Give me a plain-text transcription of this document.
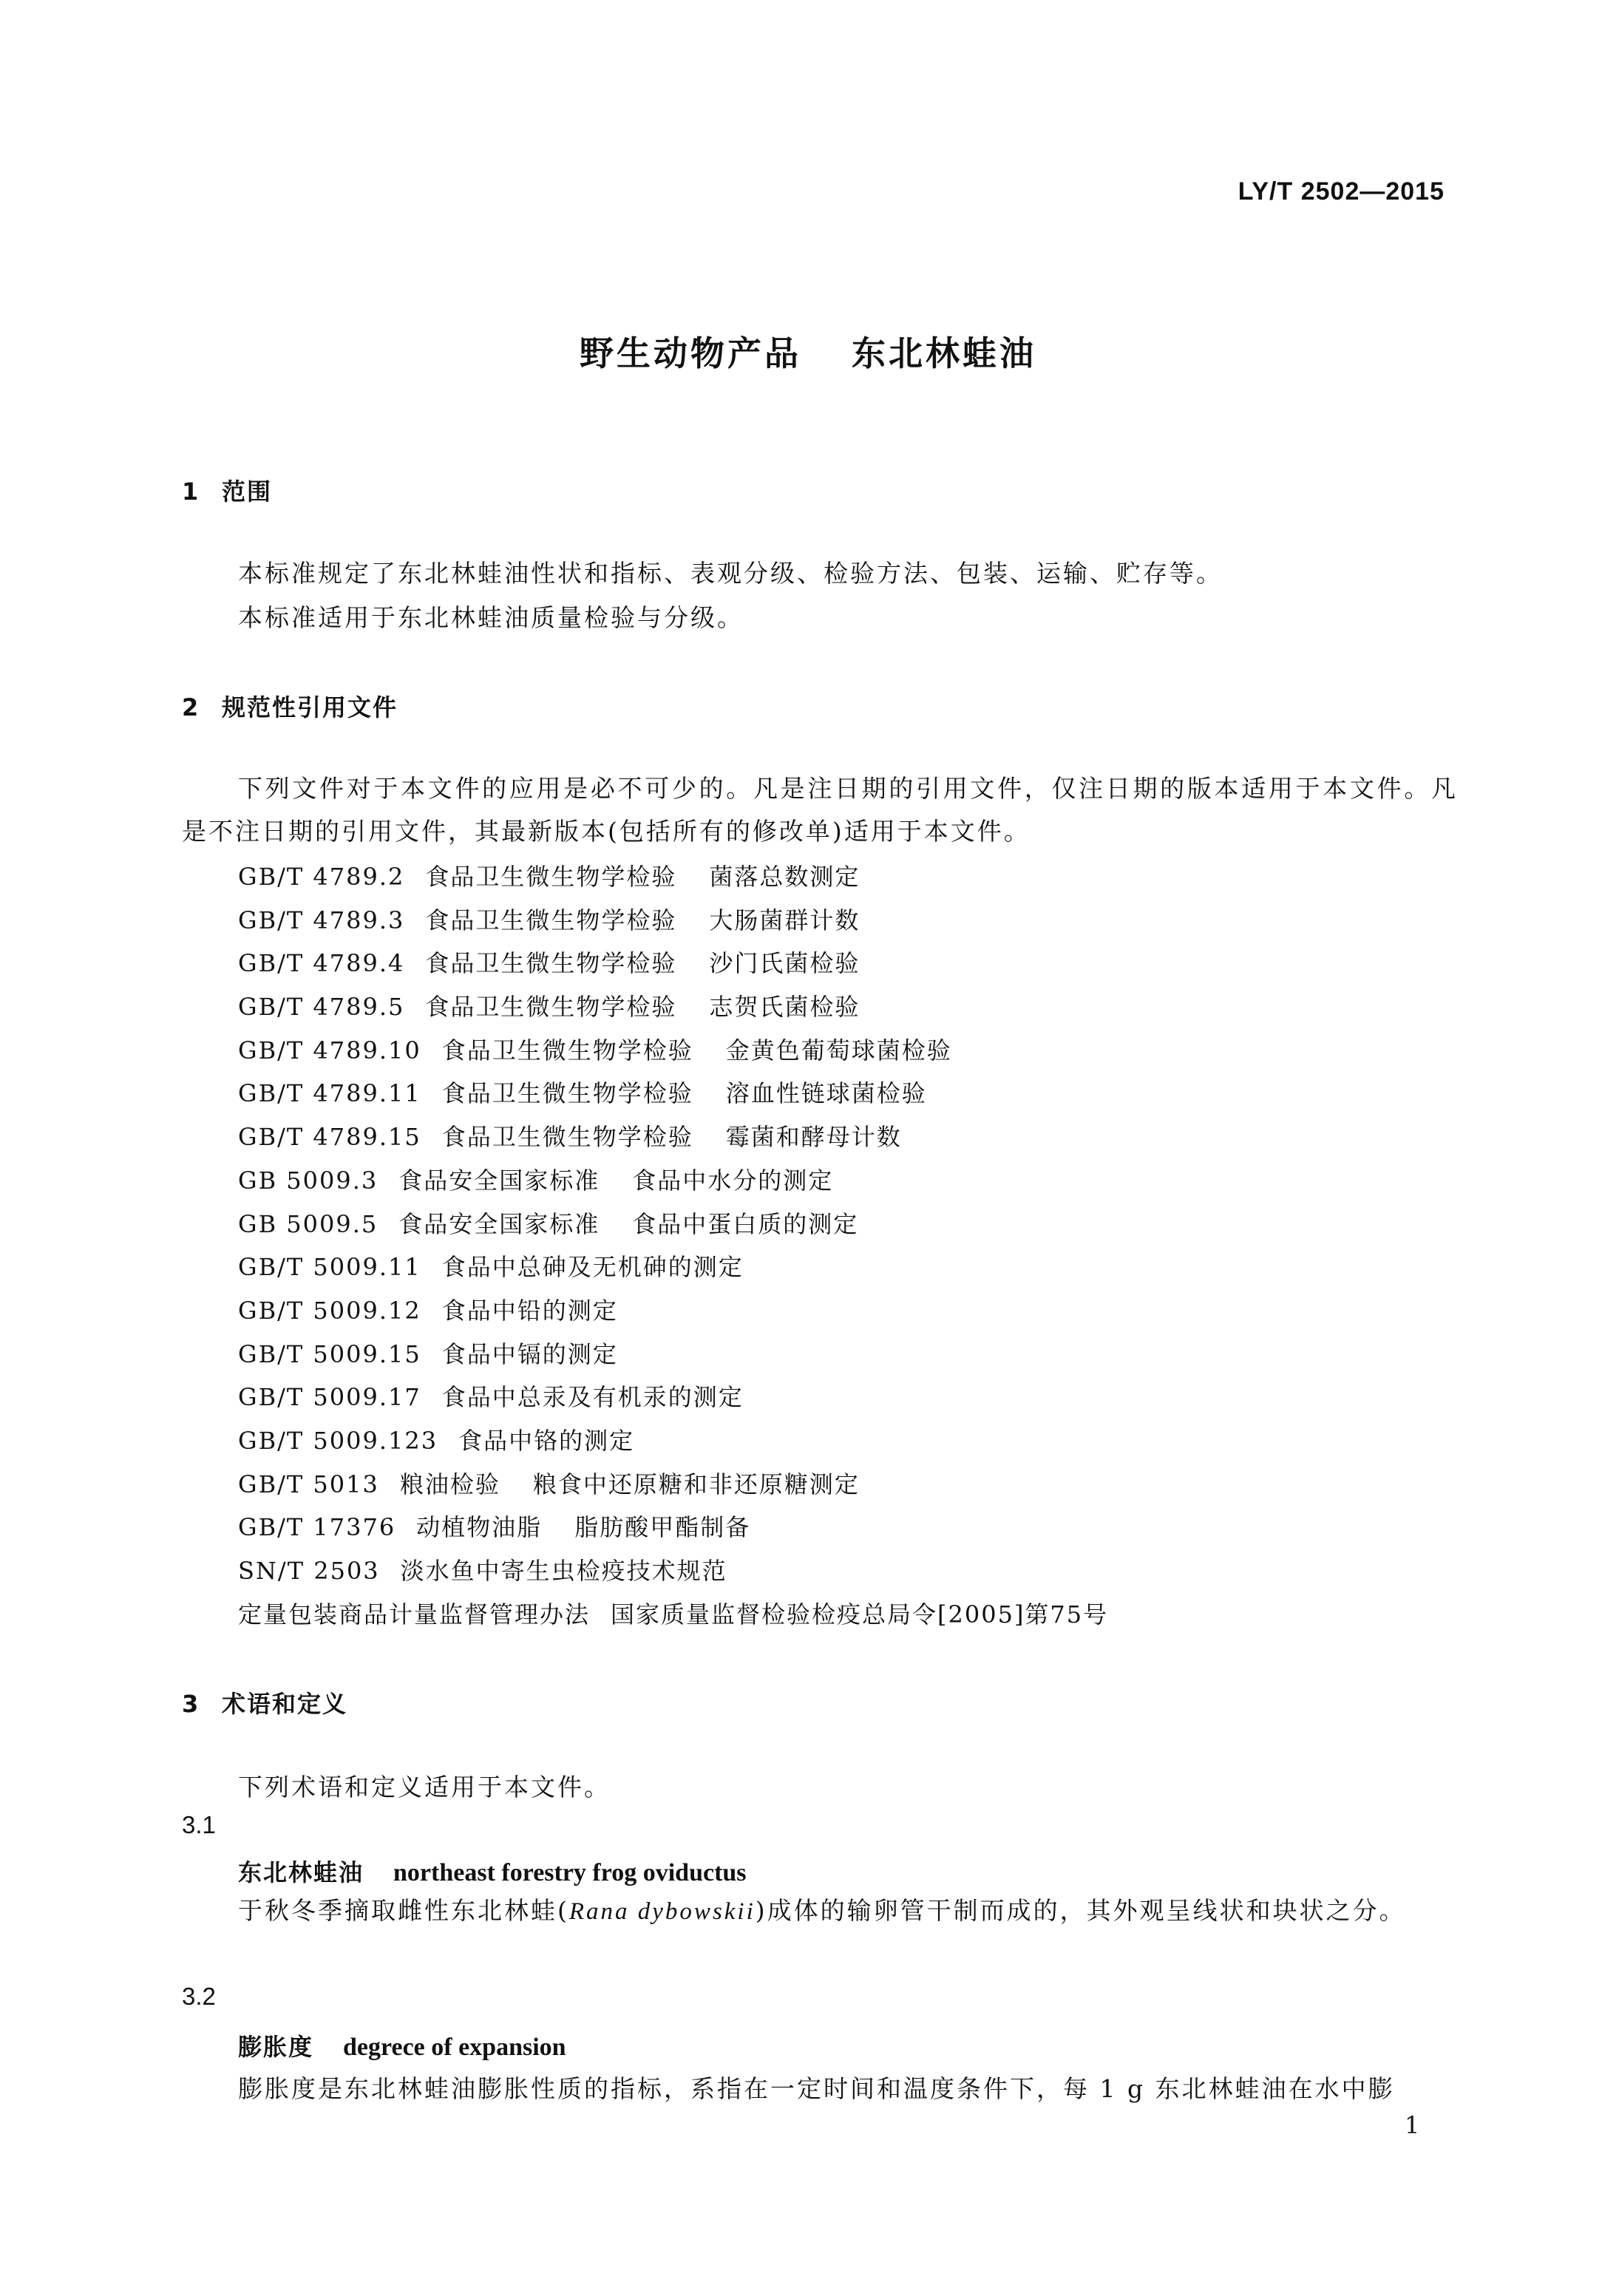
LY/T 2502—2015
野生动物产品 东北林蛙油
1 范围
本标准规定了东北林蛙油性状和指标、表观分级、检验方法、包装、运输、贮存等。
本标准适用于东北林蛙油质量检验与分级。
2 规范性引用文件
下列文件对于本文件的应用是必不可少的。凡是注日期的引用文件，仅注日期的版本适用于本文件。凡是不注日期的引用文件，其最新版本(包括所有的修改单)适用于本文件。
GB/T 4789.2 食品卫生微生物学检验 菌落总数测定
GB/T 4789.3 食品卫生微生物学检验 大肠菌群计数
GB/T 4789.4 食品卫生微生物学检验 沙门氏菌检验
GB/T 4789.5 食品卫生微生物学检验 志贺氏菌检验
GB/T 4789.10 食品卫生微生物学检验 金黄色葡萄球菌检验
GB/T 4789.11 食品卫生微生物学检验 溶血性链球菌检验
GB/T 4789.15 食品卫生微生物学检验 霉菌和酵母计数
GB 5009.3 食品安全国家标准 食品中水分的测定
GB 5009.5 食品安全国家标准 食品中蛋白质的测定
GB/T 5009.11 食品中总砷及无机砷的测定
GB/T 5009.12 食品中铅的测定
GB/T 5009.15 食品中镉的测定
GB/T 5009.17 食品中总汞及有机汞的测定
GB/T 5009.123 食品中铬的测定
GB/T 5013 粮油检验 粮食中还原糖和非还原糖测定
GB/T 17376 动植物油脂 脂肪酸甲酯制备
SN/T 2503 淡水鱼中寄生虫检疫技术规范
定量包装商品计量监督管理办法 国家质量监督检验检疫总局令[2005]第75号
3 术语和定义
下列术语和定义适用于本文件。
3.1
东北林蛙油 northeast forestry frog oviductus
于秋冬季摘取雌性东北林蛙(Rana dybowskii)成体的输卵管干制而成的，其外观呈线状和块状之分。
3.2
膨胀度 degrece of expansion
膨胀度是东北林蛙油膨胀性质的指标，系指在一定时间和温度条件下，每 1 g 东北林蛙油在水中膨
1
